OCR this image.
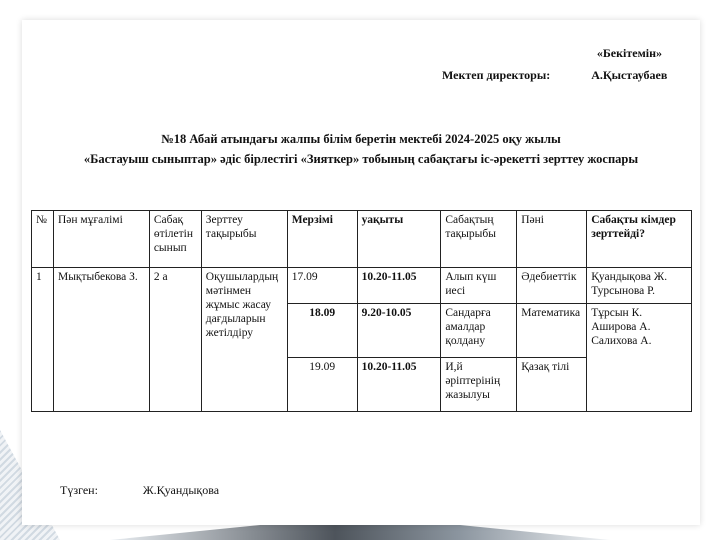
«Бекітемін»
Мектеп директоры:	А.Қыстаубаев
№18 Абай атындағы жалпы білім беретін мектебі 2024-2025 оқу жылы
«Бастауыш сыныптар» әдіс бірлестігі «Зияткер» тобының сабақтағы іс-әрекетті зерттеу жоспары
№	Пән мұғалімі	Сабақ өтілетін сынып	Зерттеу тақырыбы	Мерзімі	уақыты	Сабақтың тақырыбы	Пәні	Сабақты кімдер зерттейді?
1	Мықтыбекова З.	2 а	Оқушылардың мәтінмен жұмыс жасау дағдыларын жетілдіру	17.09	10.20-11.05	Алып күш иесі	Әдебиеттік	Қуандықова Ж. Турсынова Р.
				18.09	9.20-10.05	Сандарға амалдар қолдану	Математика	Тұрсын К. Аширова А. Салихова А.
				19.09	10.20-11.05	И,й әріптерінің жазылуы	Қазақ тілі	
Түзген:	Ж.Қуандықова
